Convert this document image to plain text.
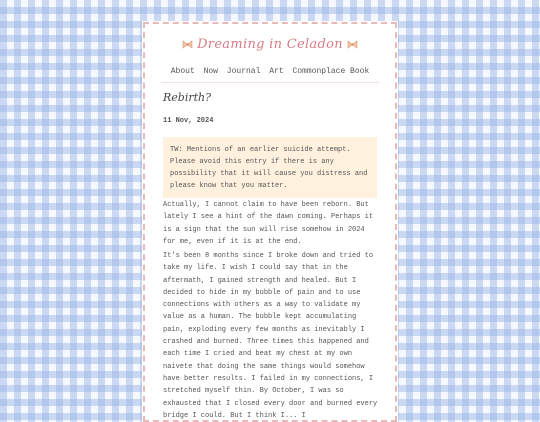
Dreaming in Celadon
About Now Journal Art Commonplace Book
Rebirth?
11 Nov, 2024
TW: Mentions of an earlier suicide attempt. Please avoid this entry if there is any possibility that it will cause you distress and please know that you matter.

Actually, I cannot claim to have been reborn. But lately I see a hint of the dawn coming. Perhaps it is a sign that the sun will rise somehow in 2024 for me, even if it is at the end.

It's been 8 months since I broke down and tried to take my life. I wish I could say that in the aftermath, I gained strength and healed. But I decided to hide in my bubble of pain and to use connections with others as a way to validate my value as a human. The bubble kept accumulating pain, exploding every few months as inevitably I crashed and burned. Three times this happened and each time I cried and beat my chest at my own naivete that doing the same things would somehow have better results. I failed in my connections, I stretched myself thin. By October, I was so exhausted that I closed every door and burned every bridge I could. But I think I... I
